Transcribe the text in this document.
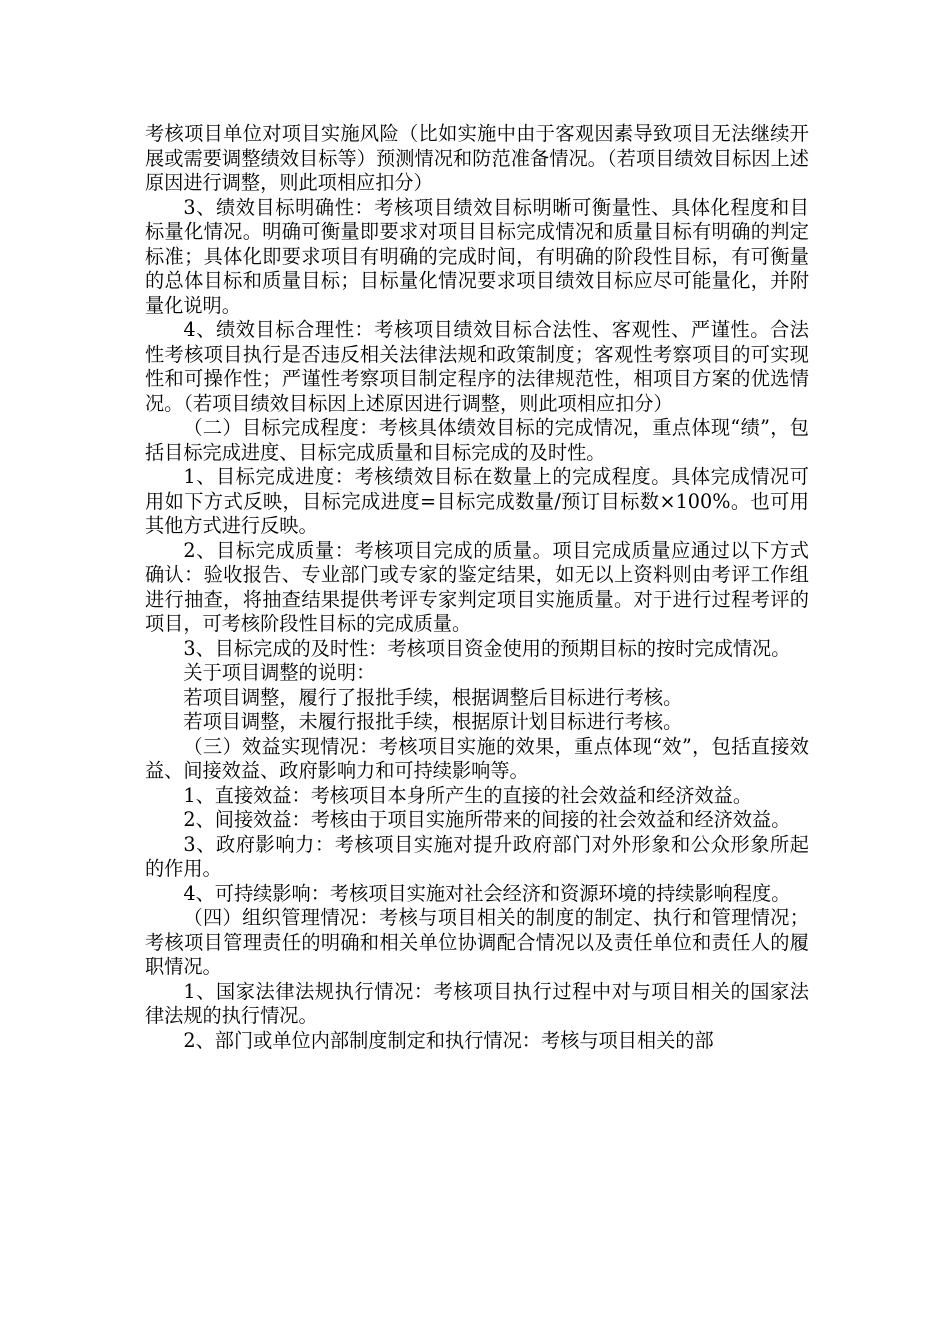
考核项目单位对项目实施风险（比如实施中由于客观因素导致项目无法继续开展或需要调整绩效目标等）预测情况和防范准备情况。（若项目绩效目标因上述原因进行调整，则此项相应扣分）

3、绩效目标明确性：考核项目绩效目标明晰可衡量性、具体化程度和目标量化情况。明确可衡量即要求对项目目标完成情况和质量目标有明确的判定标准；具体化即要求项目有明确的完成时间，有明确的阶段性目标，有可衡量的总体目标和质量目标；目标量化情况要求项目绩效目标应尽可能量化，并附量化说明。

4、绩效目标合理性：考核项目绩效目标合法性、客观性、严谨性。合法性考核项目执行是否违反相关法律法规和政策制度；客观性考察项目的可实现性和可操作性；严谨性考察项目制定程序的法律规范性，相项目方案的优选情况。（若项目绩效目标因上述原因进行调整，则此项相应扣分）

（二）目标完成程度：考核具体绩效目标的完成情况，重点体现“绩”，包括目标完成进度、目标完成质量和目标完成的及时性。

1、目标完成进度：考核绩效目标在数量上的完成程度。具体完成情况可用如下方式反映，目标完成进度=目标完成数量/预订目标数×100%。也可用其他方式进行反映。

2、目标完成质量：考核项目完成的质量。项目完成质量应通过以下方式确认：验收报告、专业部门或专家的鉴定结果，如无以上资料则由考评工作组进行抽查，将抽查结果提供考评专家判定项目实施质量。对于进行过程考评的项目，可考核阶段性目标的完成质量。

3、目标完成的及时性：考核项目资金使用的预期目标的按时完成情况。

关于项目调整的说明：

若项目调整，履行了报批手续，根据调整后目标进行考核。

若项目调整，未履行报批手续，根据原计划目标进行考核。

（三）效益实现情况：考核项目实施的效果，重点体现“效”，包括直接效益、间接效益、政府影响力和可持续影响等。

1、直接效益：考核项目本身所产生的直接的社会效益和经济效益。

2、间接效益：考核由于项目实施所带来的间接的社会效益和经济效益。

3、政府影响力：考核项目实施对提升政府部门对外形象和公众形象所起的作用。

4、可持续影响：考核项目实施对社会经济和资源环境的持续影响程度。

（四）组织管理情况：考核与项目相关的制度的制定、执行和管理情况；考核项目管理责任的明确和相关单位协调配合情况以及责任单位和责任人的履职情况。

1、国家法律法规执行情况：考核项目执行过程中对与项目相关的国家法律法规的执行情况。

2、部门或单位内部制度制定和执行情况：考核与项目相关的部
